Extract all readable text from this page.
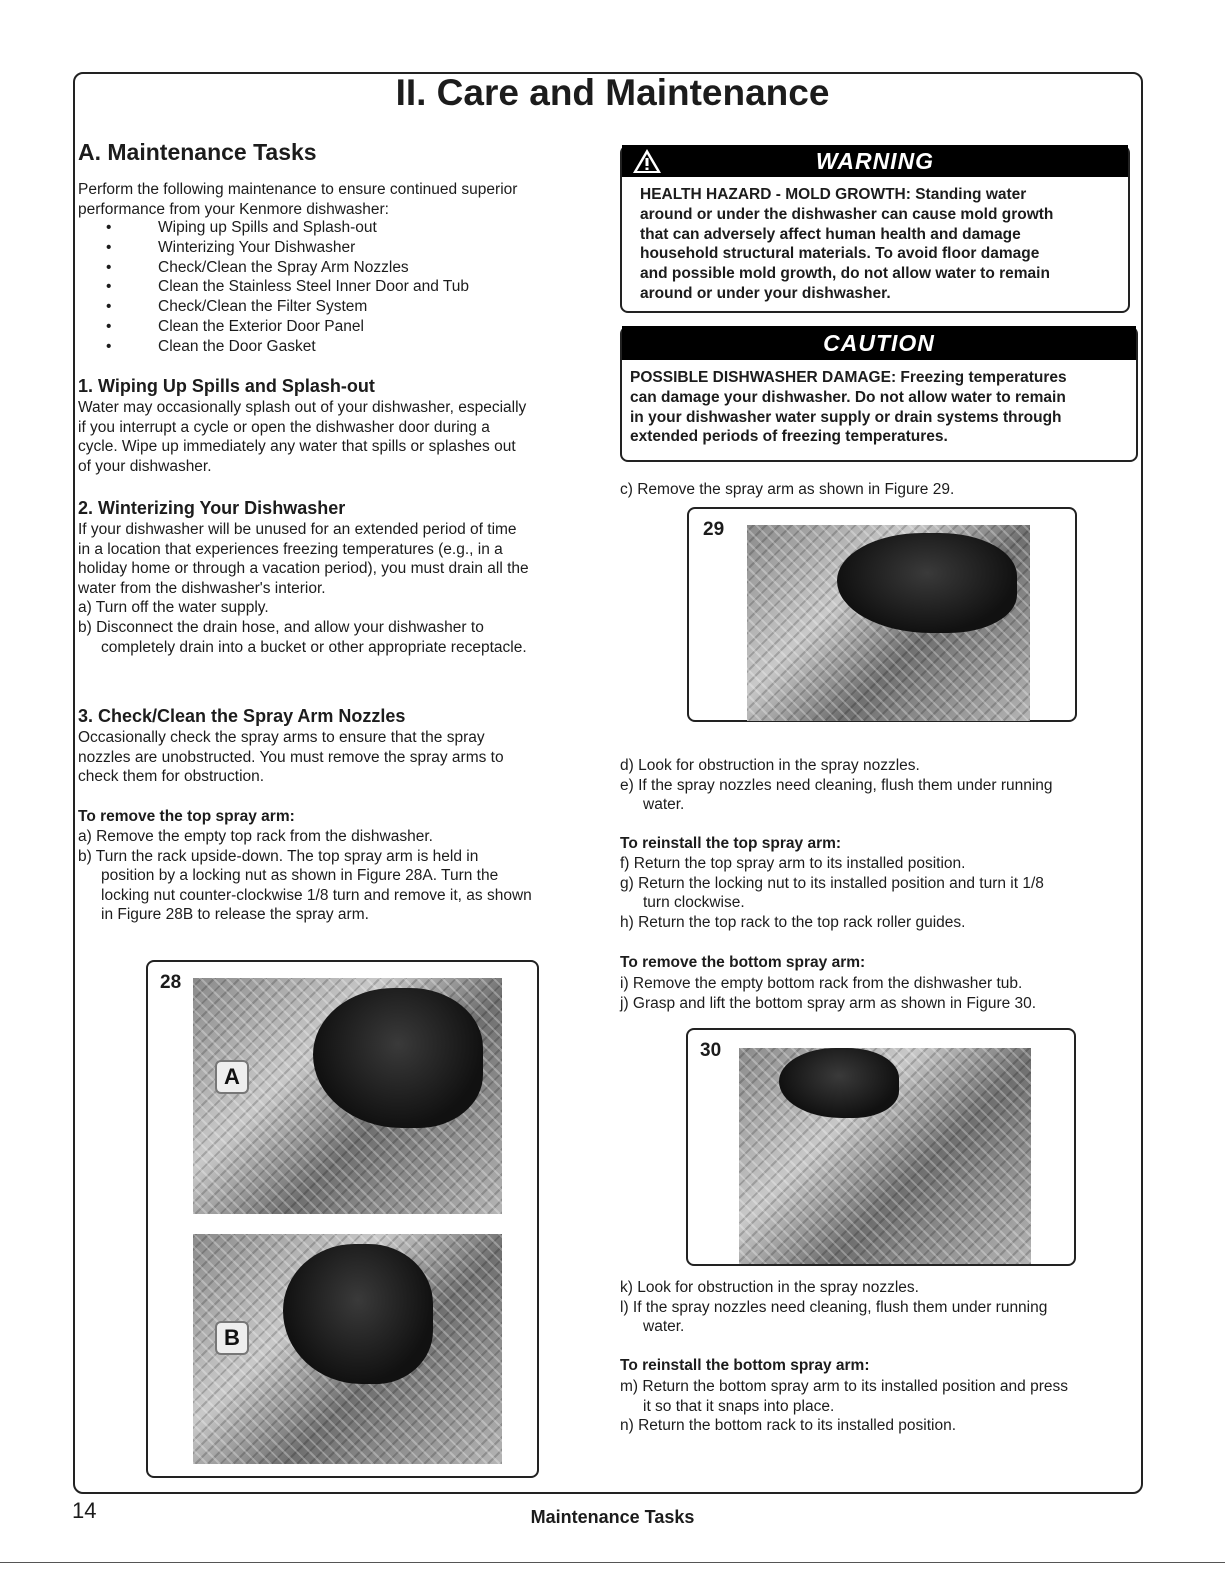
II. Care and Maintenance
A. Maintenance Tasks
Perform the following maintenance to ensure continued superior
performance from your Kenmore dishwasher:
• Wiping up Spills and Splash-out
• Winterizing Your Dishwasher
• Check/Clean the Spray Arm Nozzles
• Clean the Stainless Steel Inner Door and Tub
• Check/Clean the Filter System
• Clean the Exterior Door Panel
• Clean the Door Gasket
1. Wiping Up Spills and Splash-out
Water may occasionally splash out of your dishwasher, especially
if you interrupt a cycle or open the dishwasher door during a
cycle. Wipe up immediately any water that spills or splashes out
of your dishwasher.
2. Winterizing Your Dishwasher
If your dishwasher will be unused for an extended period of time
in a location that experiences freezing temperatures (e.g., in a
holiday home or through a vacation period), you must drain all the
water from the dishwasher's interior.
a) Turn off the water supply.
b) Disconnect the drain hose, and allow your dishwasher to
completely drain into a bucket or other appropriate receptacle.
3. Check/Clean the Spray Arm Nozzles
Occasionally check the spray arms to ensure that the spray
nozzles are unobstructed. You must remove the spray arms to
check them for obstruction.
To remove the top spray arm:
a) Remove the empty top rack from the dishwasher.
b) Turn the rack upside-down. The top spray arm is held in
position by a locking nut as shown in Figure 28A. Turn the
locking nut counter-clockwise 1/8 turn and remove it, as shown
in Figure 28B to release the spray arm.
28
A
B
WARNING
HEALTH HAZARD - MOLD GROWTH: Standing water
around or under the dishwasher can cause mold growth
that can adversely affect human health and damage
household structural materials. To avoid floor damage
and possible mold growth, do not allow water to remain
around or under your dishwasher.
CAUTION
POSSIBLE DISHWASHER DAMAGE: Freezing temperatures
can damage your dishwasher. Do not allow water to remain
in your dishwasher water supply or drain systems through
extended periods of freezing temperatures.
c) Remove the spray arm as shown in Figure 29.
29
d) Look for obstruction in the spray nozzles.
e) If the spray nozzles need cleaning, flush them under running
water.
To reinstall the top spray arm:
f) Return the top spray arm to its installed position.
g) Return the locking nut to its installed position and turn it 1/8
turn clockwise.
h) Return the top rack to the top rack roller guides.
To remove the bottom spray arm:
i) Remove the empty bottom rack from the dishwasher tub.
j) Grasp and lift the bottom spray arm as shown in Figure 30.
30
k) Look for obstruction in the spray nozzles.
l) If the spray nozzles need cleaning, flush them under running
water.
To reinstall the bottom spray arm:
m) Return the bottom spray arm to its installed position and press
it so that it snaps into place.
n) Return the bottom rack to its installed position.
14	Maintenance Tasks
